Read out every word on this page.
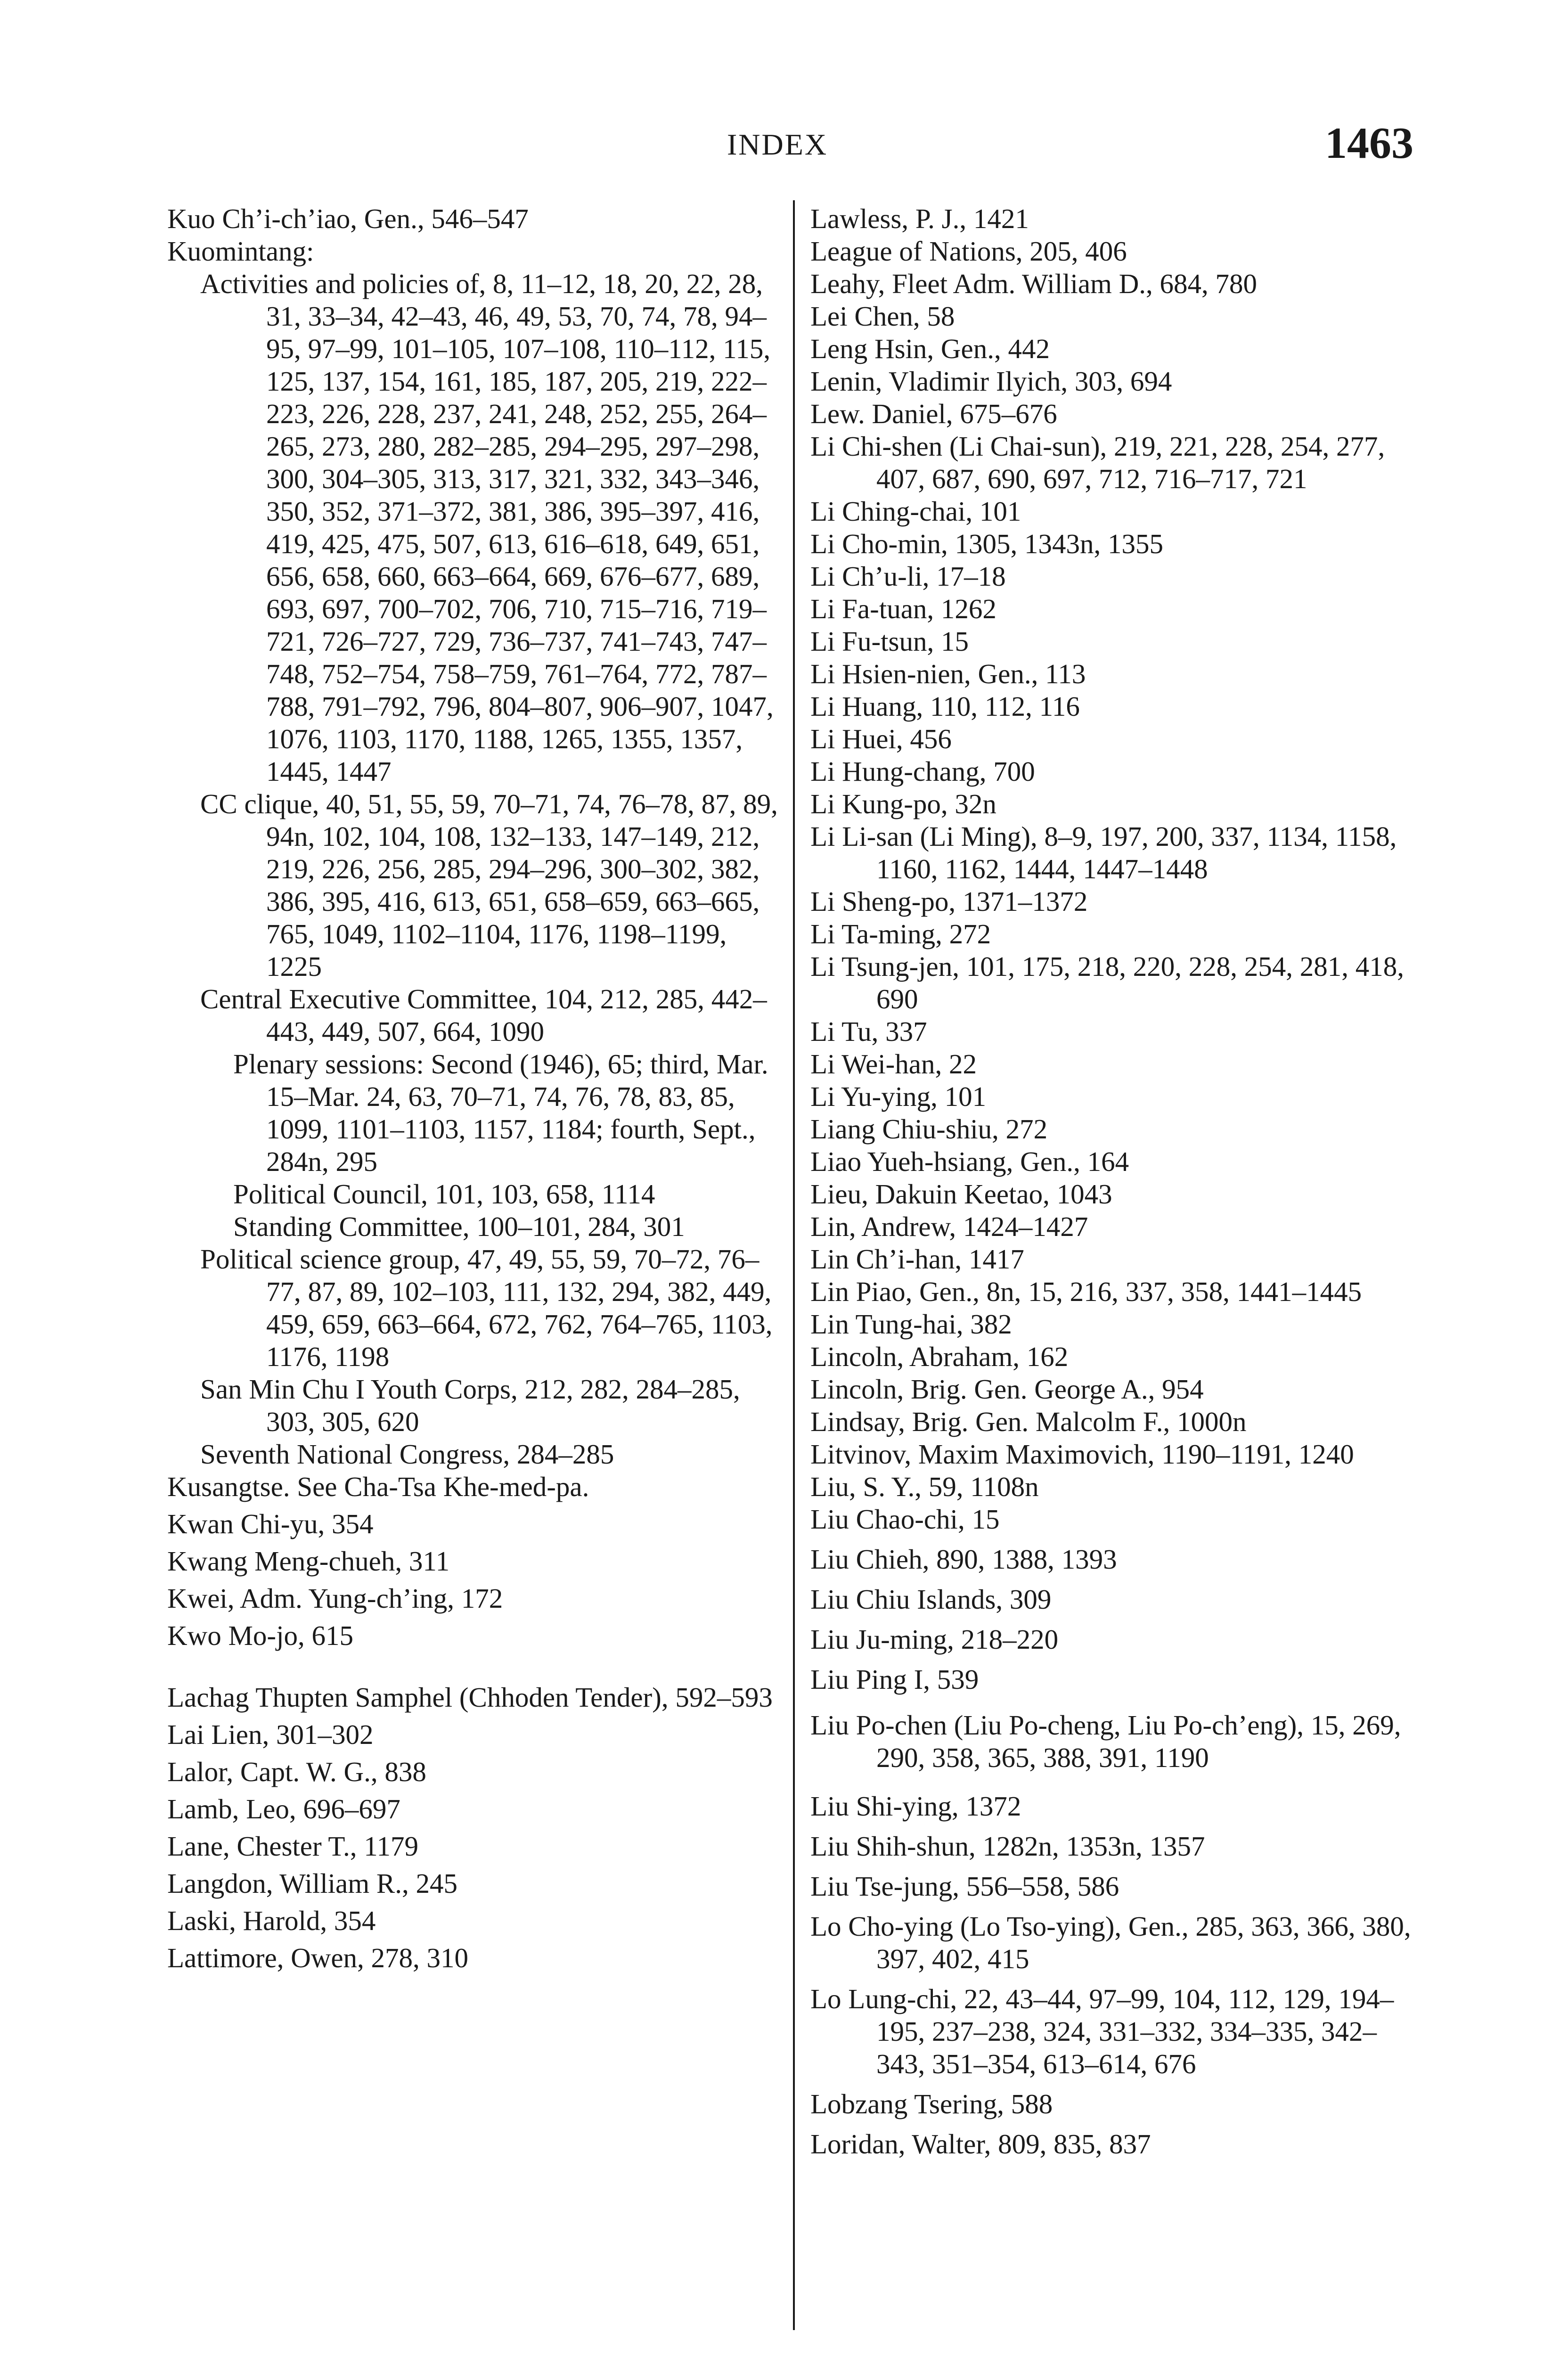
INDEX	1463
Kuo Ch’i-ch’iao, Gen., 546–547
Kuomintang:
Activities and policies of, 8, 11–12, 18, 20, 22, 28, 31, 33–34, 42–43, 46, 49, 53, 70, 74, 78, 94–95, 97–99, 101–105, 107–108, 110–112, 115, 125, 137, 154, 161, 185, 187, 205, 219, 222–223, 226, 228, 237, 241, 248, 252, 255, 264–265, 273, 280, 282–285, 294–295, 297–298, 300, 304–305, 313, 317, 321, 332, 343–346, 350, 352, 371–372, 381, 386, 395–397, 416, 419, 425, 475, 507, 613, 616–618, 649, 651, 656, 658, 660, 663–664, 669, 676–677, 689, 693, 697, 700–702, 706, 710, 715–716, 719–721, 726–727, 729, 736–737, 741–743, 747–748, 752–754, 758–759, 761–764, 772, 787–788, 791–792, 796, 804–807, 906–907, 1047, 1076, 1103, 1170, 1188, 1265, 1355, 1357, 1445, 1447
CC clique, 40, 51, 55, 59, 70–71, 74, 76–78, 87, 89, 94n, 102, 104, 108, 132–133, 147–149, 212, 219, 226, 256, 285, 294–296, 300–302, 382, 386, 395, 416, 613, 651, 658–659, 663–665, 765, 1049, 1102–1104, 1176, 1198–1199, 1225
Central Executive Committee, 104, 212, 285, 442–443, 449, 507, 664, 1090
Plenary sessions: Second (1946), 65; third, Mar. 15–Mar. 24, 63, 70–71, 74, 76, 78, 83, 85, 1099, 1101–1103, 1157, 1184; fourth, Sept., 284n, 295
Political Council, 101, 103, 658, 1114
Standing Committee, 100–101, 284, 301
Political science group, 47, 49, 55, 59, 70–72, 76–77, 87, 89, 102–103, 111, 132, 294, 382, 449, 459, 659, 663–664, 672, 762, 764–765, 1103, 1176, 1198
San Min Chu I Youth Corps, 212, 282, 284–285, 303, 305, 620
Seventh National Congress, 284–285
Kusangtse. See Cha-Tsa Khe-med-pa.
Kwan Chi-yu, 354
Kwang Meng-chueh, 311
Kwei, Adm. Yung-ch’ing, 172
Kwo Mo-jo, 615
Lachag Thupten Samphel (Chhoden Tender), 592–593
Lai Lien, 301–302
Lalor, Capt. W. G., 838
Lamb, Leo, 696–697
Lane, Chester T., 1179
Langdon, William R., 245
Laski, Harold, 354
Lattimore, Owen, 278, 310
Lawless, P. J., 1421
League of Nations, 205, 406
Leahy, Fleet Adm. William D., 684, 780
Lei Chen, 58
Leng Hsin, Gen., 442
Lenin, Vladimir Ilyich, 303, 694
Lew. Daniel, 675–676
Li Chi-shen (Li Chai-sun), 219, 221, 228, 254, 277, 407, 687, 690, 697, 712, 716–717, 721
Li Ching-chai, 101
Li Cho-min, 1305, 1343n, 1355
Li Ch’u-li, 17–18
Li Fa-tuan, 1262
Li Fu-tsun, 15
Li Hsien-nien, Gen., 113
Li Huang, 110, 112, 116
Li Huei, 456
Li Hung-chang, 700
Li Kung-po, 32n
Li Li-san (Li Ming), 8–9, 197, 200, 337, 1134, 1158, 1160, 1162, 1444, 1447–1448
Li Sheng-po, 1371–1372
Li Ta-ming, 272
Li Tsung-jen, 101, 175, 218, 220, 228, 254, 281, 418, 690
Li Tu, 337
Li Wei-han, 22
Li Yu-ying, 101
Liang Chiu-shiu, 272
Liao Yueh-hsiang, Gen., 164
Lieu, Dakuin Keetao, 1043
Lin, Andrew, 1424–1427
Lin Ch’i-han, 1417
Lin Piao, Gen., 8n, 15, 216, 337, 358, 1441–1445
Lin Tung-hai, 382
Lincoln, Abraham, 162
Lincoln, Brig. Gen. George A., 954
Lindsay, Brig. Gen. Malcolm F., 1000n
Litvinov, Maxim Maximovich, 1190–1191, 1240
Liu, S. Y., 59, 1108n
Liu Chao-chi, 15
Liu Chieh, 890, 1388, 1393
Liu Chiu Islands, 309
Liu Ju-ming, 218–220
Liu Ping I, 539
Liu Po-chen (Liu Po-cheng, Liu Po-ch’eng), 15, 269, 290, 358, 365, 388, 391, 1190
Liu Shi-ying, 1372
Liu Shih-shun, 1282n, 1353n, 1357
Liu Tse-jung, 556–558, 586
Lo Cho-ying (Lo Tso-ying), Gen., 285, 363, 366, 380, 397, 402, 415
Lo Lung-chi, 22, 43–44, 97–99, 104, 112, 129, 194–195, 237–238, 324, 331–332, 334–335, 342–343, 351–354, 613–614, 676
Lobzang Tsering, 588
Loridan, Walter, 809, 835, 837
